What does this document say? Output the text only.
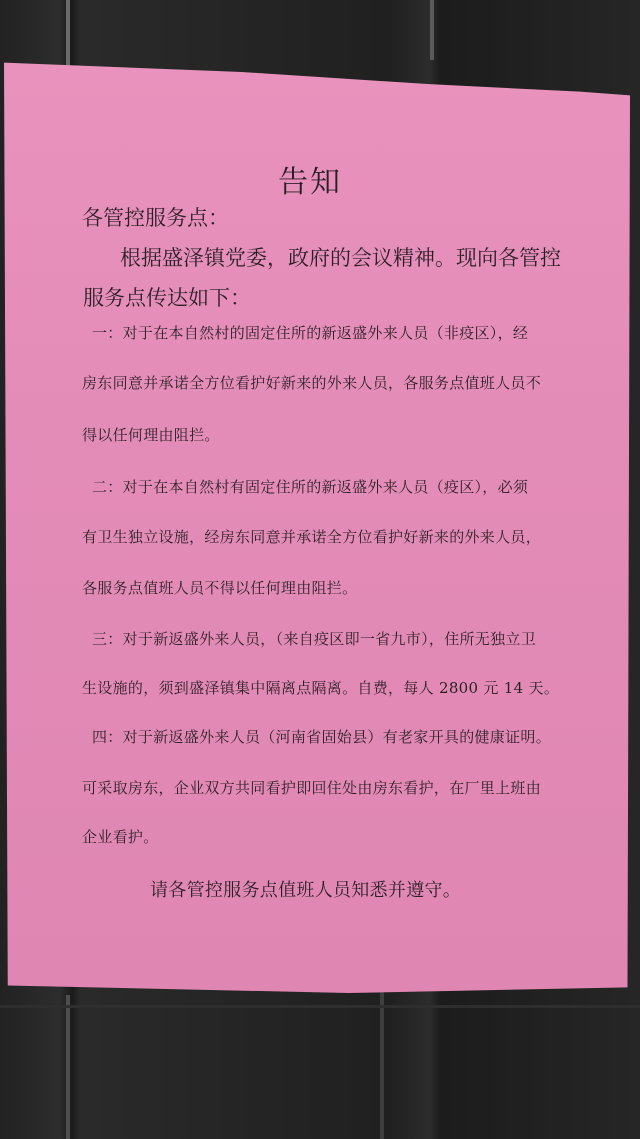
告知
各管控服务点：
根据盛泽镇党委，政府的会议精神。现向各管控
服务点传达如下：
一：对于在本自然村的固定住所的新返盛外来人员（非疫区），经
房东同意并承诺全方位看护好新来的外来人员，各服务点值班人员不
得以任何理由阻拦。
二：对于在本自然村有固定住所的新返盛外来人员（疫区），必须
有卫生独立设施，经房东同意并承诺全方位看护好新来的外来人员，
各服务点值班人员不得以任何理由阻拦。
三：对于新返盛外来人员，（来自疫区即一省九市），住所无独立卫
生设施的，须到盛泽镇集中隔离点隔离。自费，每人 2800 元 14 天。
四：对于新返盛外来人员（河南省固始县）有老家开具的健康证明。
可采取房东，企业双方共同看护即回住处由房东看护，在厂里上班由
企业看护。
请各管控服务点值班人员知悉并遵守。
